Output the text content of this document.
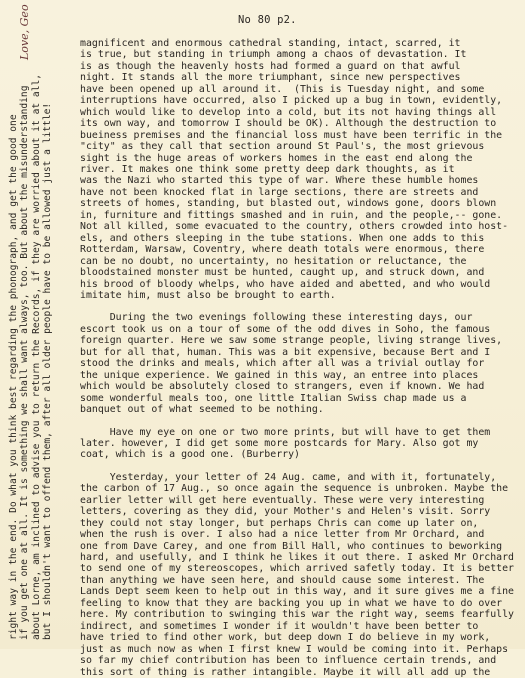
Love, Geo	No 80 p2.
right way in the end. Do what you think best regarding the phonograph, and get the good one if you get one at all. It is something we shall want always, too. But about the misunderstanding about Lorne, am inclined to advise you to return the Records, if they are worried about it at all, but I shouldn't want to offend them, after all older people have to be allowed just a little!
magnificent and enormous cathedral standing, intact, scarred, it
is true, but standing in triumph among a chaos of devastation. It
is as though the heavenly hosts had formed a guard on that awful
night. It stands all the more triumphant, since new perspectives
have been opened up all around it.  (This is Tuesday night, and some
interruptions have occurred, also I picked up a bug in town, evidently,
which would like to develop into a cold, but its not having things all
its own way, and tomorrow I should be OK). Although the destruction to
bueiness premises and the financial loss must have been terrific in the
"city" as they call that section around St Paul's, the most grievous
sight is the huge areas of workers homes in the east end along the
river. It makes one think some pretty deep dark thoughts, as it
was the Nazi who started this type of war. Where these humble homes
have not been knocked flat in large sections, there are streets and
streets of homes, standing, but blasted out, windows gone, doors blown
in, furniture and fittings smashed and in ruin, and the people,-- gone.
Not all killed, some evacuated to the country, others crowded into host-
els, and others sleeping in the tube stations. When one adds to this
Rotterdam, Warsaw, Coventry, where death totals were enormous, there
can be no doubt, no uncertainty, no hesitation or reluctance, the
bloodstained monster must be hunted, caught up, and struck down, and
his brood of bloody whelps, who have aided and abetted, and who would
imitate him, must also be brought to earth.
During the two evenings following these interesting days, our
escort took us on a tour of some of the odd dives in Soho, the famous
foreign quarter. Here we saw some strange people, living strange lives,
but for all that, human. This was a bit expensive, because Bert and I
stood the drinks and meals, which after all was a trivial outlay for
the unique experience. We gained in this way, an entree into places
which would be absolutely closed to strangers, even if known. We had
some wonderful meals too, one little Italian Swiss chap made us a
banquet out of what seemed to be nothing.
Have my eye on one or two more prints, but will have to get them
later. however, I did get some more postcards for Mary. Also got my
coat, which is a good one. (Burberry)
Yesterday, your letter of 24 Aug. came, and with it, fortunately,
the carbon of 17 Aug., so once again the sequence is unbroken. Maybe the
earlier letter will get here eventually. These were very interesting
letters, covering as they did, your Mother's and Helen's visit. Sorry
they could not stay longer, but perhaps Chris can come up later on,
when the rush is over. I also had a nice letter from Mr Orchard, and
one from Dave Carey, and one from Bill Hall, who continues to beworking
hard, and usefully, and I think he likes it out there. I asked Mr Orchard
to send one of my stereoscopes, which arrived safetly today. It is better
than anything we have seen here, and should cause some interest. The
Lands Dept seem keen to help out in this way, and it sure gives me a fine
feeling to know that they are backing you up in what we have to do over
here. My contribution to swinging this war the right way, seems fearfully
indirect, and sometimes I wonder if it wouldn't have been better to
have tried to find other work, but deep down I do believe in my work,
just as much now as when I first knew I would be coming into it. Perhaps
so far my chief contribution has been to influence certain trends, and
this sort of thing is rather intangible. Maybe it will all add up the
